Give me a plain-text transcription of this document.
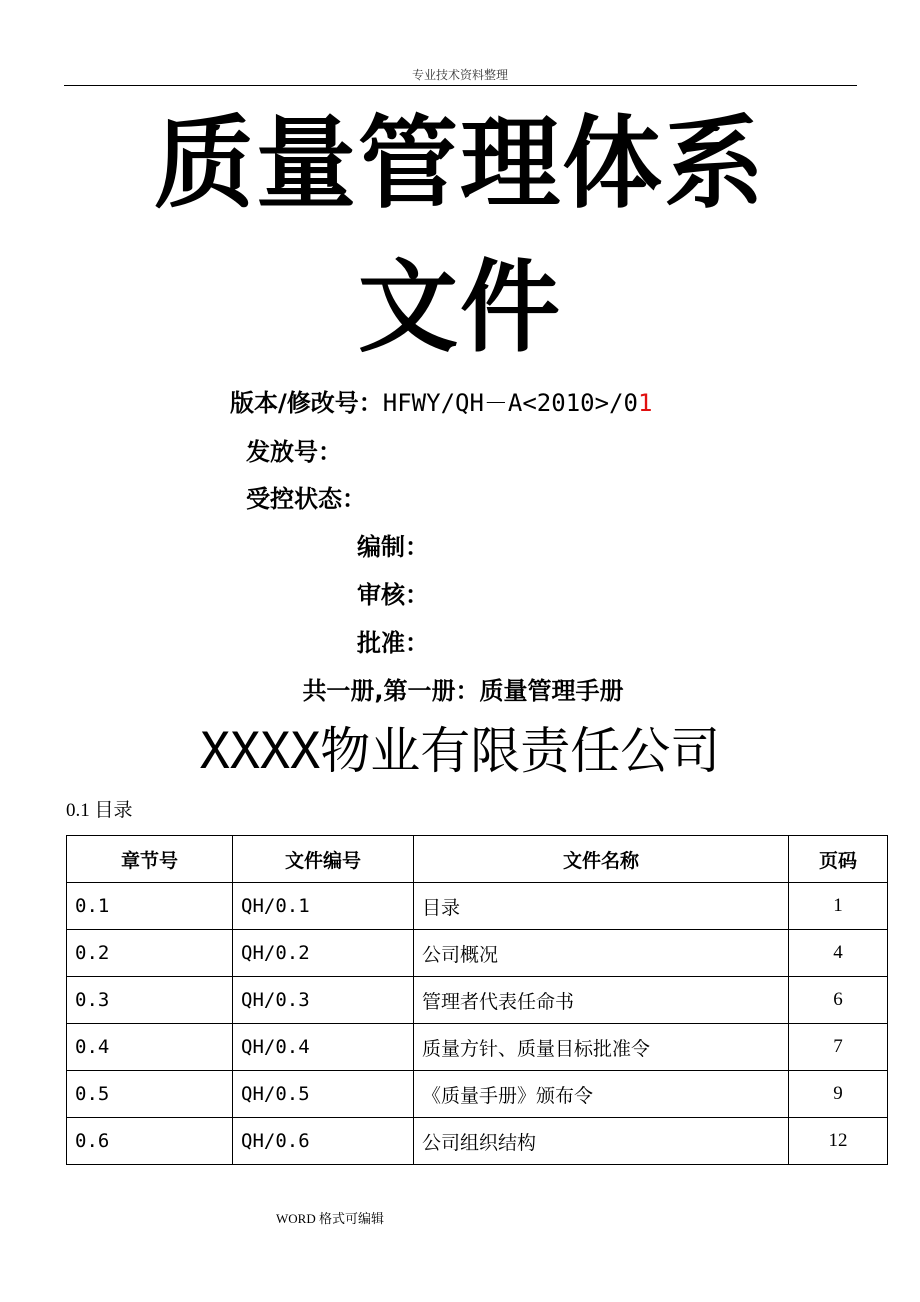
专业技术资料整理
质量管理体系
文件
版本/修改号：HFWY/QH－A<2010>/01
发放号：
受控状态：
编制：
审核：
批准：
共一册,第一册：质量管理手册
XXXX物业有限责任公司
0.1 目录
章节号	文件编号	文件名称	页码
0.1	QH/0.1	目录	1
0.2	QH/0.2	公司概况	4
0.3	QH/0.3	管理者代表任命书	6
0.4	QH/0.4	质量方针、质量目标批准令	7
0.5	QH/0.5	《质量手册》颁布令	9
0.6	QH/0.6	公司组织结构	12
WORD 格式可编辑
